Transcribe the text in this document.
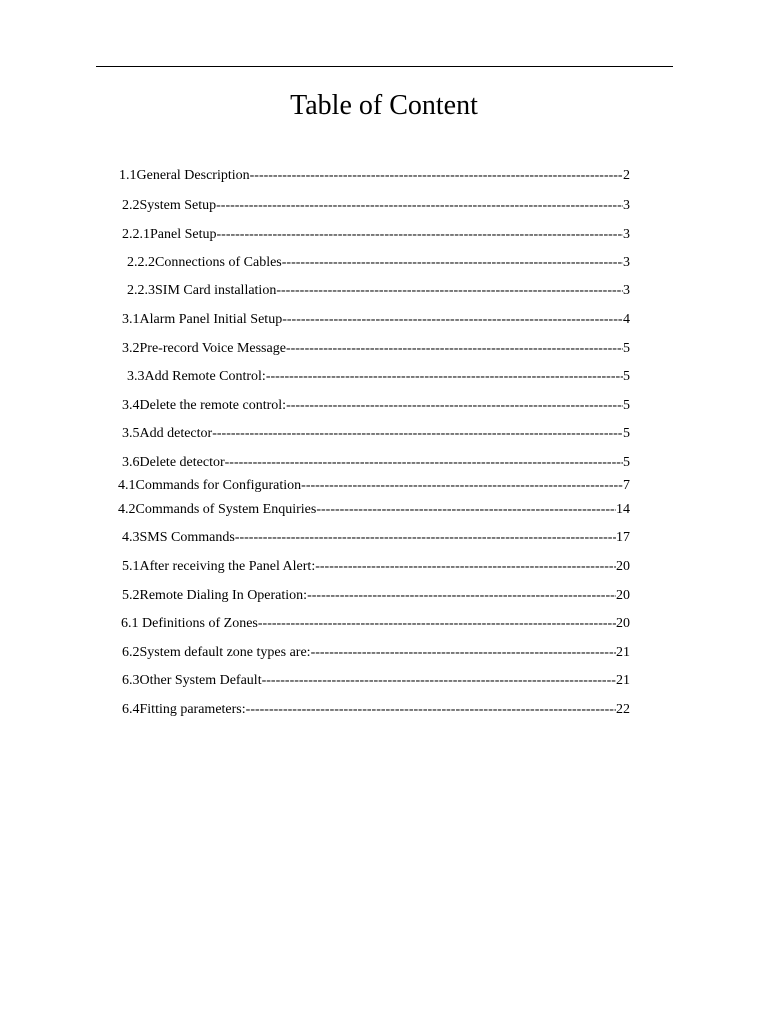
Table of Content
1.1General Description -----	2
2.2System Setup -----	3
2.2.1Panel Setup -----	3
2.2.2Connections of Cables -----	3
2.2.3SIM Card installation -----	3
3.1Alarm Panel Initial Setup -----	4
3.2Pre-record Voice Message -----	5
3.3Add Remote Control: -----	5
3.4Delete the remote control: -----	5
3.5Add detector -----	5
3.6Delete detector -----	5
4.1Commands for Configuration -----	7
4.2Commands of System Enquiries -----	14
4.3SMS Commands -----	17
5.1After receiving the Panel Alert: -----	20
5.2Remote Dialing In Operation: -----	20
6.1 Definitions of Zones -----	20
6.2System default zone types are: -----	21
6.3Other System Default -----	21
6.4Fitting parameters: -----	22
